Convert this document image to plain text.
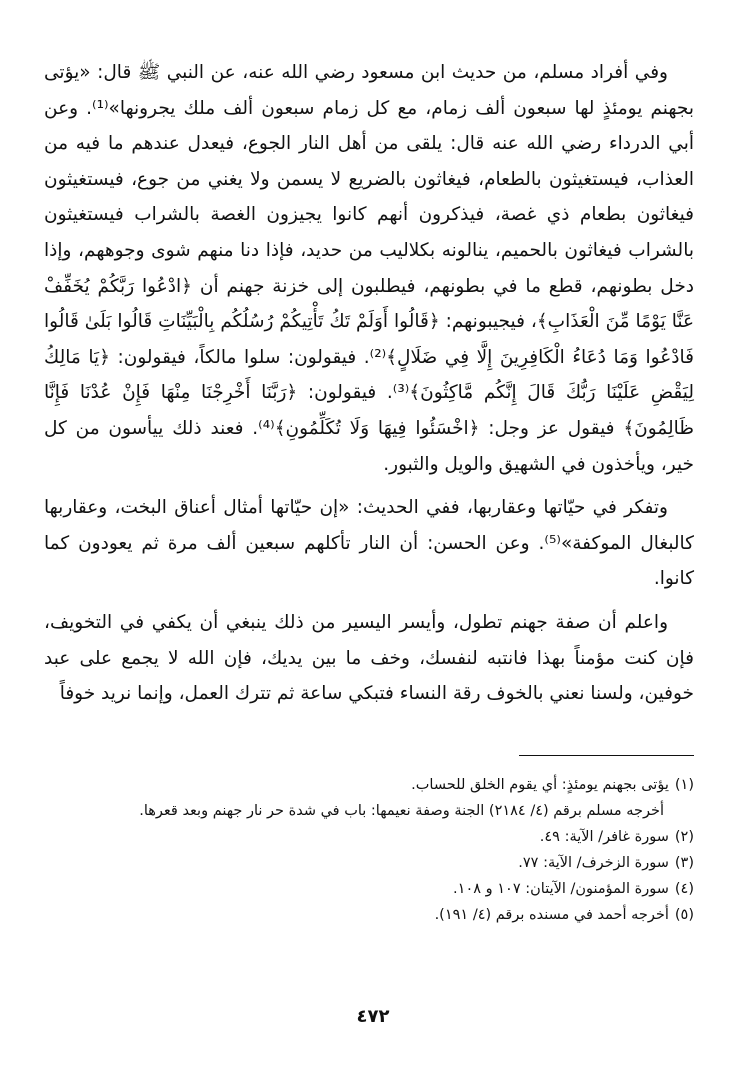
وفي أفراد مسلم، من حديث ابن مسعود رضي الله عنه، عن النبي ﷺ قال: «يؤتى بجهنم يومئذٍ لها سبعون ألف زمام، مع كل زمام سبعون ألف ملك يجرونها»⁽¹⁾. وعن أبي الدرداء رضي الله عنه قال: يلقى من أهل النار الجوع، فيعدل عندهم ما فيه من العذاب، فيستغيثون بالطعام، فيغاثون بالضريع لا يسمن ولا يغني من جوع، فيستغيثون فيغاثون بطعام ذي غصة، فيذكرون أنهم كانوا يجيزون الغصة بالشراب فيستغيثون بالشراب فيغاثون بالحميم، ينالونه بكلاليب من حديد، فإذا دنا منهم شوى وجوههم، وإذا دخل بطونهم، قطع ما في بطونهم، فيطلبون إلى خزنة جهنم أن ﴿ادْعُوا رَبَّكُمْ يُخَفِّفْ عَنَّا يَوْمًا مِّنَ الْعَذَابِ﴾، فيجيبونهم: ﴿قَالُوا أَوَلَمْ تَكُ تَأْتِيكُمْ رُسُلُكُم بِالْبَيِّنَاتِ قَالُوا بَلَىٰ قَالُوا فَادْعُوا وَمَا دُعَاءُ الْكَافِرِينَ إِلَّا فِي ضَلَالٍ﴾⁽²⁾. فيقولون: سلوا مالكاً، فيقولون: ﴿يَا مَالِكُ لِيَقْضِ عَلَيْنَا رَبُّكَ قَالَ إِنَّكُم مَّاكِثُونَ﴾⁽³⁾. فيقولون: ﴿رَبَّنَا أَخْرِجْنَا مِنْهَا فَإِنْ عُدْنَا فَإِنَّا ظَالِمُونَ﴾ فيقول عز وجل: ﴿اخْسَئُوا فِيهَا وَلَا تُكَلِّمُونِ﴾⁽⁴⁾. فعند ذلك ييأسون من كل خير، ويأخذون في الشهيق والويل والثبور.

وتفكر في حيّاتها وعقاربها، ففي الحديث: «إن حيّاتها أمثال أعناق البخت، وعقاربها كالبغال الموكفة»⁽⁵⁾. وعن الحسن: أن النار تأكلهم سبعين ألف مرة ثم يعودون كما كانوا.

واعلم أن صفة جهنم تطول، وأيسر اليسير من ذلك ينبغي أن يكفي في التخويف، فإن كنت مؤمناً بهذا فانتبه لنفسك، وخف ما بين يديك، فإن الله لا يجمع على عبد خوفين، ولسنا نعني بالخوف رقة النساء فتبكي ساعة ثم تترك العمل، وإنما نريد خوفاً

(١)
يؤتى بجهنم يومئذٍ: أي يقوم الخلق للحساب.

أخرجه مسلم برقم (٤/ ٢١٨٤) الجنة وصفة نعيمها: باب في شدة حر نار جهنم وبعد قعرها.

(٢)
سورة غافر/ الآية: ٤٩.
(٣)
سورة الزخرف/ الآية: ٧٧.
(٤)
سورة المؤمنون/ الآيتان: ١٠٧ و ١٠٨.
(٥)
أخرجه أحمد في مسنده برقم (٤/ ١٩١).
٤٧٢
